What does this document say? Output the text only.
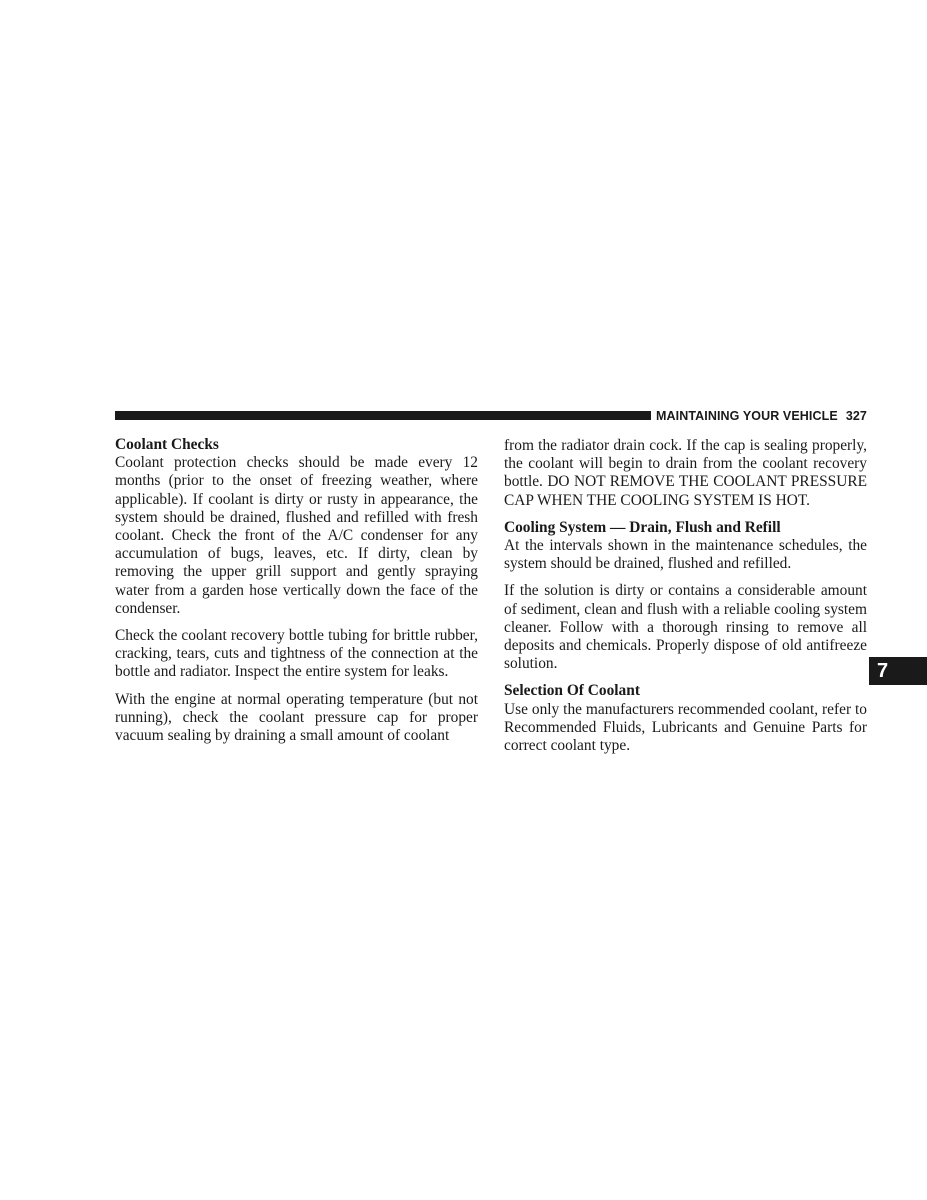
MAINTAINING YOUR VEHICLE 327
Coolant Checks

Coolant protection checks should be made every 12 months (prior to the onset of freezing weather, where applicable). If coolant is dirty or rusty in appearance, the system should be drained, flushed and refilled with fresh coolant. Check the front of the A/C condenser for any accumulation of bugs, leaves, etc. If dirty, clean by removing the upper grill support and gently spraying water from a garden hose vertically down the face of the condenser.

Check the coolant recovery bottle tubing for brittle rubber, cracking, tears, cuts and tightness of the connection at the bottle and radiator. Inspect the entire system for leaks.

With the engine at normal operating temperature (but not running), check the coolant pressure cap for proper vacuum sealing by draining a small amount of coolant

from the radiator drain cock. If the cap is sealing properly, the coolant will begin to drain from the coolant recovery bottle. DO NOT REMOVE THE COOLANT PRESSURE CAP WHEN THE COOLING SYSTEM IS HOT.

Cooling System — Drain, Flush and Refill

At the intervals shown in the maintenance schedules, the system should be drained, flushed and refilled.

If the solution is dirty or contains a considerable amount of sediment, clean and flush with a reliable cooling system cleaner. Follow with a thorough rinsing to remove all deposits and chemicals. Properly dispose of old antifreeze solution.

Selection Of Coolant

Use only the manufacturers recommended coolant, refer to Recommended Fluids, Lubricants and Genuine Parts for correct coolant type.

7
